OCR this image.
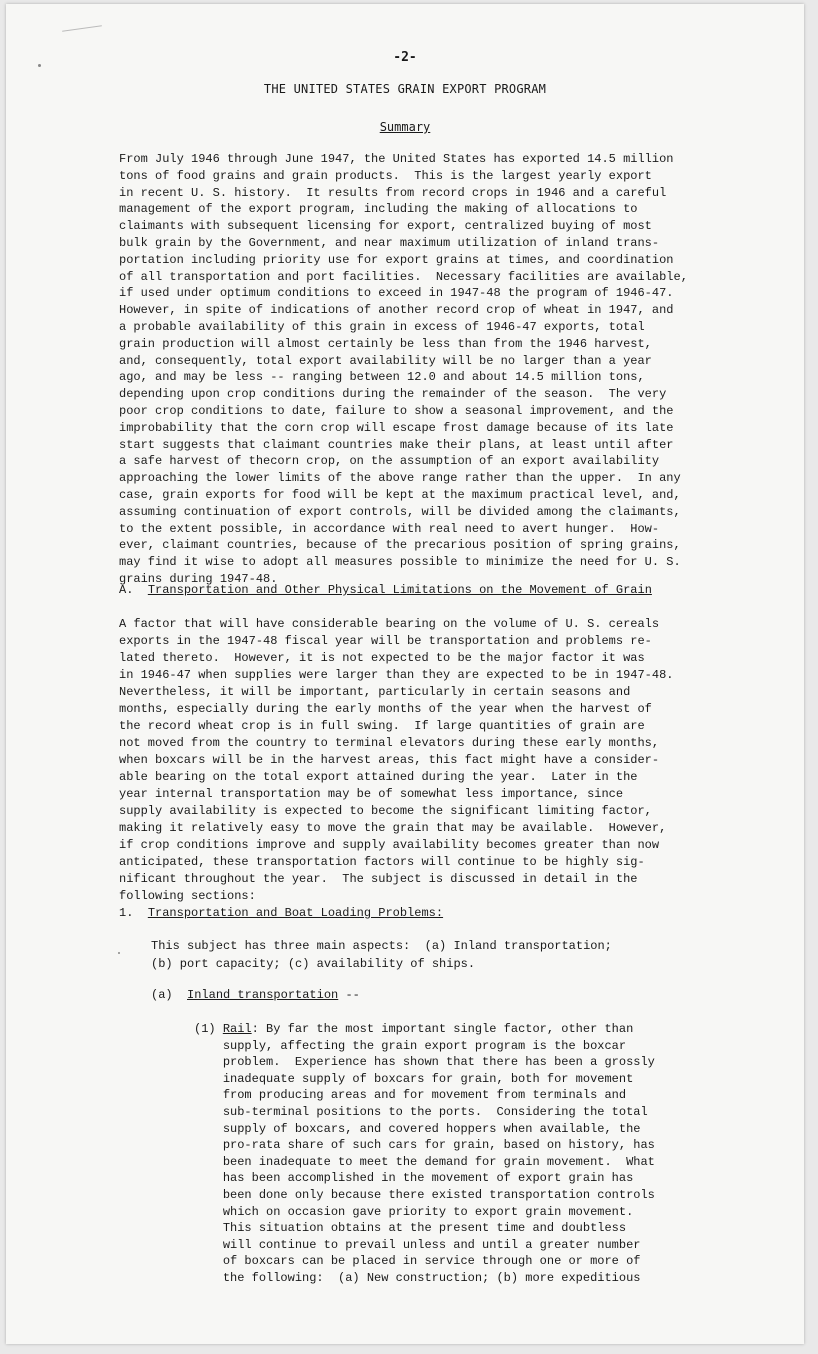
-2-
THE UNITED STATES GRAIN EXPORT PROGRAM
Summary
From July 1946 through June 1947, the United States has exported 14.5 million
tons of food grains and grain products.  This is the largest yearly export
in recent U. S. history.  It results from record crops in 1946 and a careful
management of the export program, including the making of allocations to
claimants with subsequent licensing for export, centralized buying of most
bulk grain by the Government, and near maximum utilization of inland trans-
portation including priority use for export grains at times, and coordination
of all transportation and port facilities.  Necessary facilities are available,
if used under optimum conditions to exceed in 1947-48 the program of 1946-47.
However, in spite of indications of another record crop of wheat in 1947, and
a probable availability of this grain in excess of 1946-47 exports, total
grain production will almost certainly be less than from the 1946 harvest,
and, consequently, total export availability will be no larger than a year
ago, and may be less -- ranging between 12.0 and about 14.5 million tons,
depending upon crop conditions during the remainder of the season.  The very
poor crop conditions to date, failure to show a seasonal improvement, and the
improbability that the corn crop will escape frost damage because of its late
start suggests that claimant countries make their plans, at least until after
a safe harvest of thecorn crop, on the assumption of an export availability
approaching the lower limits of the above range rather than the upper.  In any
case, grain exports for food will be kept at the maximum practical level, and,
assuming continuation of export controls, will be divided among the claimants,
to the extent possible, in accordance with real need to avert hunger.  How-
ever, claimant countries, because of the precarious position of spring grains,
may find it wise to adopt all measures possible to minimize the need for U. S.
grains during 1947-48.
A. Transportation and Other Physical Limitations on the Movement of Grain
A factor that will have considerable bearing on the volume of U. S. cereals
exports in the 1947-48 fiscal year will be transportation and problems re-
lated thereto.  However, it is not expected to be the major factor it was
in 1946-47 when supplies were larger than they are expected to be in 1947-48.
Nevertheless, it will be important, particularly in certain seasons and
months, especially during the early months of the year when the harvest of
the record wheat crop is in full swing.  If large quantities of grain are
not moved from the country to terminal elevators during these early months,
when boxcars will be in the harvest areas, this fact might have a consider-
able bearing on the total export attained during the year.  Later in the
year internal transportation may be of somewhat less importance, since
supply availability is expected to become the significant limiting factor,
making it relatively easy to move the grain that may be available.  However,
if crop conditions improve and supply availability becomes greater than now
anticipated, these transportation factors will continue to be highly sig-
nificant throughout the year.  The subject is discussed in detail in the
following sections:
1. Transportation and Boat Loading Problems:
This subject has three main aspects:  (a) Inland transportation;
(b) port capacity; (c) availability of ships.
(a) Inland transportation --
(1) Rail: By far the most important single factor, other than
supply, affecting the grain export program is the boxcar
problem.  Experience has shown that there has been a grossly
inadequate supply of boxcars for grain, both for movement
from producing areas and for movement from terminals and
sub-terminal positions to the ports.  Considering the total
supply of boxcars, and covered hoppers when available, the
pro-rata share of such cars for grain, based on history, has
been inadequate to meet the demand for grain movement.  What
has been accomplished in the movement of export grain has
been done only because there existed transportation controls
which on occasion gave priority to export grain movement.
This situation obtains at the present time and doubtless
will continue to prevail unless and until a greater number
of boxcars can be placed in service through one or more of
the following:  (a) New construction; (b) more expeditious
